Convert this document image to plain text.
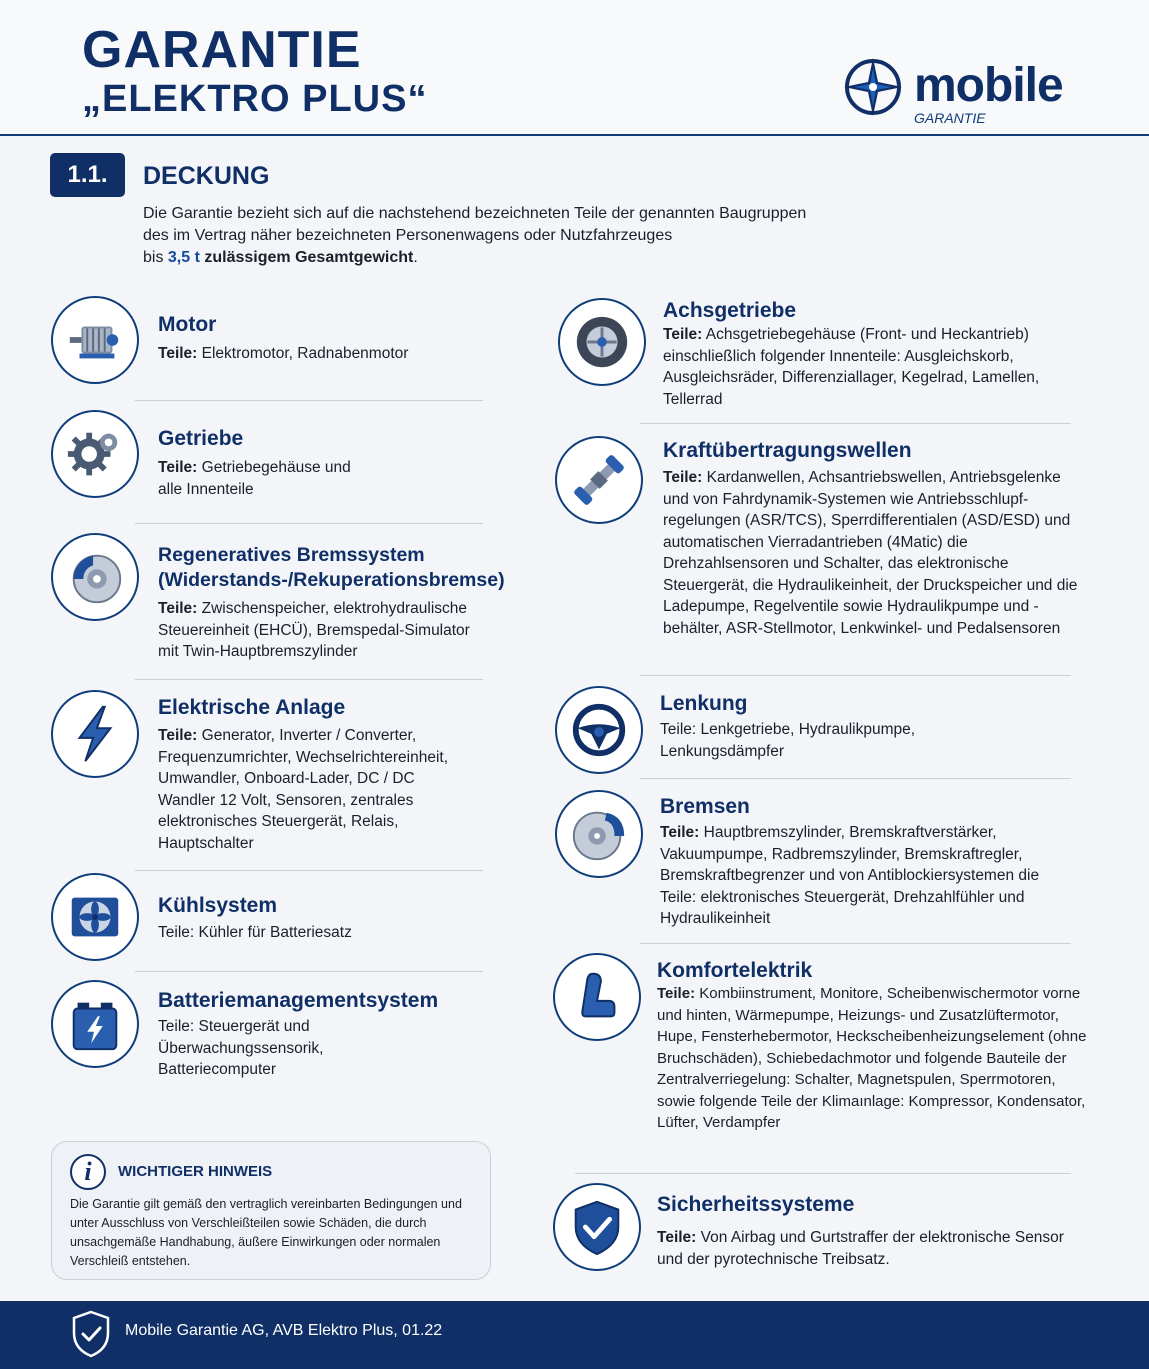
GARANTIE
„ELEKTRO PLUS“	mobile
GARANTIE
1.1.	DECKUNG
Die Garantie bezieht sich auf die nachstehend bezeichneten Teile der genannten Baugruppen
des im Vertrag näher bezeichneten Personenwagens oder Nutzfahrzeuges
bis 3,5 t zulässigem Gesamtgewicht.
Motor
Teile: Elektromotor, Radnabenmotor
Getriebe
Teile: Getriebegehäuse und alle Innenteile
Regeneratives Bremssystem (Widerstands-/Rekuperationsbremse)
Teile: Zwischenspeicher, elektrohydraulische Steuereinheit (EHCÜ), Bremspedal-Simulator mit Twin-Hauptbremszylinder
Elektrische Anlage
Teile: Generator, Inverter / Converter, Frequenzumrichter, Wechselrichtereinheit, Umwandler, Onboard-Lader, DC / DC Wandler 12 Volt, Sensoren, zentrales elektronisches Steuergerät, Relais, Hauptschalter
Kühlsystem
Teile: Kühler für Batteriesatz
Batteriemanagementsystem
Teile: Steuergerät und Überwachungssensorik, Batteriecomputer
Achsgetriebe
Teile: Achsgetriebegehäuse (Front- und Heckantrieb) einschließlich folgender Innenteile: Ausgleichskorb, Ausgleichsräder, Differenziallager, Kegelrad, Lamellen, Tellerrad
Kraftübertragungswellen
Teile: Kardanwellen, Achsantriebswellen, Antriebsgelenke und von Fahrdynamik-Systemen wie Antriebsschlupf-regelungen (ASR/TCS), Sperrdifferentialen (ASD/ESD) und automatischen Vierradantrieben (4Matic) die Drehzahlsensoren und Schalter, das elektronische Steuergerät, die Hydraulikeinheit, der Druckspeicher und die Ladepumpe, Regelventile sowie Hydraulikpumpe und -behälter, ASR-Stellmotor, Lenkwinkel- und Pedalsensoren
Lenkung
Teile: Lenkgetriebe, Hydraulikpumpe, Lenkungsdämpfer
Bremsen
Teile: Hauptbremszylinder, Bremskraftverstärker, Vakuumpumpe, Radbremszylinder, Bremskraftregler, Bremskraftbegrenzer und von Antiblockiersystemen die Teile: elektronisches Steuergerät, Drehzahlfühler und Hydraulikeinheit
Komfortelektrik
Teile: Kombiinstrument, Monitore, Scheibenwischermotor vorne und hinten, Wärmepumpe, Heizungs- und Zusatzlüftermotor, Hupe, Fensterhebermotor, Heckscheibenheizungselement (ohne Bruchschäden), Schiebedachmotor und folgende Bauteile der Zentralverriegelung: Schalter, Magnetspulen, Sperrmotoren, sowie folgende Teile der Klimaınlage: Kompressor, Kondensator, Lüfter, Verdampfer
Sicherheitssysteme
Teile: Von Airbag und Gurtstraffer der elektronische Sensor und der pyrotechnische Treibsatz.
i	WICHTIGER HINWEIS
Die Garantie gilt gemäß den vertraglich vereinbarten Bedingungen und unter Ausschluss von Verschleißteilen sowie Schäden, die durch unsachgemäße Handhabung, äußere Einwirkungen oder normalen Verschleiß entstehen.
Mobile Garantie AG, AVB Elektro Plus, 01.22
